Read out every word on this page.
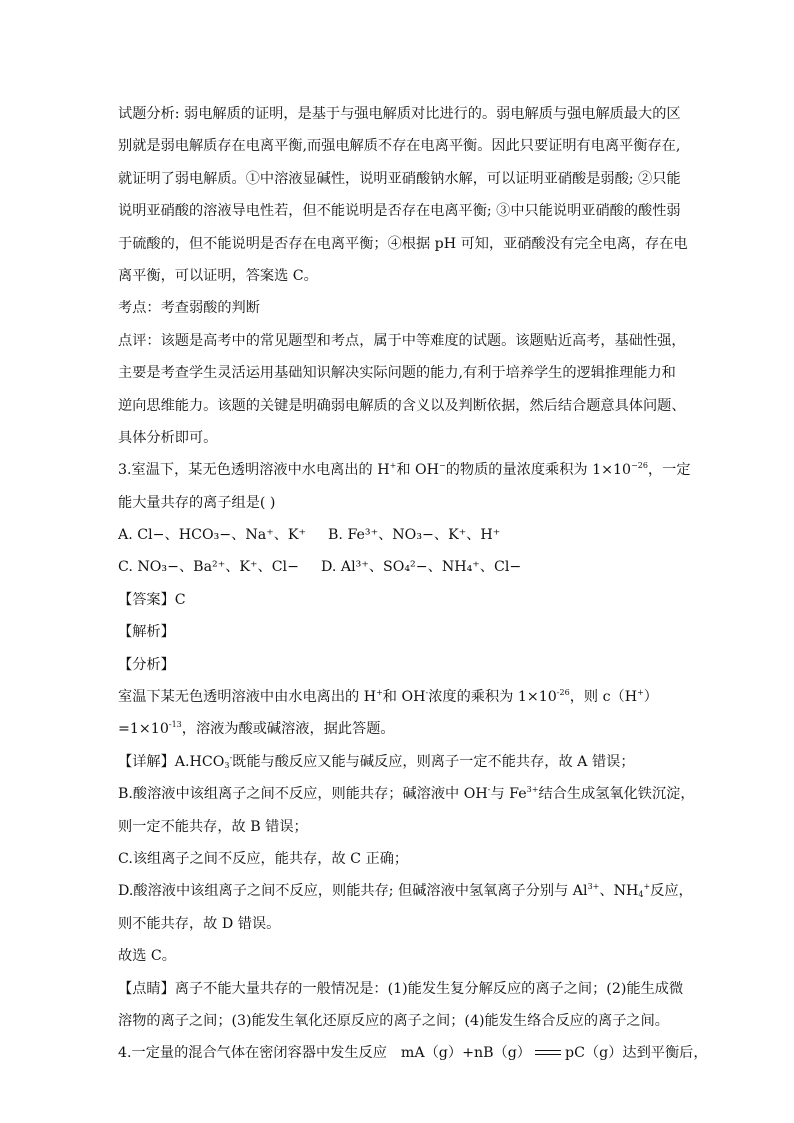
试题分析: 弱电解质的证明，是基于与强电解质对比进行的。弱电解质与强电解质最大的区
别就是弱电解质存在电离平衡,而强电解质不存在电离平衡。因此只要证明有电离平衡存在,
就证明了弱电解质。①中溶液显碱性，说明亚硝酸钠水解，可以证明亚硝酸是弱酸; ②只能
说明亚硝酸的溶液导电性若，但不能说明是否存在电离平衡; ③中只能说明亚硝酸的酸性弱
于硫酸的，但不能说明是否存在电离平衡；④根据 pH 可知，亚硝酸没有完全电离，存在电
离平衡，可以证明，答案选 C。
考点：考查弱酸的判断
点评：该题是高考中的常见题型和考点，属于中等难度的试题。该题贴近高考，基础性强，
主要是考查学生灵活运用基础知识解决实际问题的能力,有利于培养学生的逻辑推理能力和
逆向思维能力。该题的关键是明确弱电解质的含义以及判断依据，然后结合题意具体问题、
具体分析即可。
3.室温下，某无色透明溶液中水电离出的 H+和 OH−的物质的量浓度乘积为 $1\times 10^{-26}$，一定
能大量共存的离子组是( )
A. Cl−、HCO₃−、Na⁺、K⁺ B. Fe³⁺、NO₃−、K⁺、H⁺
C. NO₃−、Ba²⁺、K⁺、Cl− D. Al³⁺、SO₄²−、NH₄⁺、Cl−
【答案】C
【解析】
【分析】
室温下某无色透明溶液中由水电离出的 H+和 OH-浓度的乘积为 $1\times 10^{-26}$，则 c（H+）
$=1\times 10^{-13}$，溶液为酸或碱溶液，据此答题。
【详解】$A.HCO_3^-$既能与酸反应又能与碱反应，则离子一定不能共存，故 A 错误；
B.酸溶液中该组离子之间不反应，则能共存；碱溶液中 OH-与 $Fe^{3+}$结合生成氢氧化铁沉淀，
则一定不能共存，故 B 错误；
C.该组离子之间不反应，能共存，故 C 正确；
D.酸溶液中该组离子之间不反应，则能共存; 但碱溶液中氢氧离子分别与 $Al^{3+}$、$NH_4^+$反应，
则不能共存，故 D 错误。
故选 C。
【点睛】离子不能大量共存的一般情况是：(1)能发生复分解反应的离子之间；(2)能生成微
溶物的离子之间；(3)能发生氧化还原反应的离子之间；(4)能发生络合反应的离子之间。
4.一定量的混合气体在密闭容器中发生反应 mA（g）+nB（g） pC（g）达到平衡后，
